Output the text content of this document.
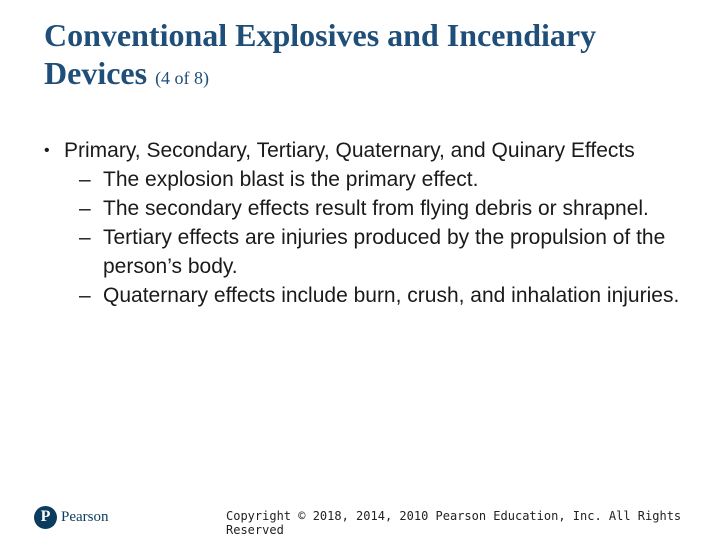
Conventional Explosives and Incendiary Devices (4 of 8)

• Primary, Secondary, Tertiary, Quaternary, and Quinary Effects

– The explosion blast is the primary effect.

– The secondary effects result from flying debris or shrapnel.

– Tertiary effects are injuries produced by the propulsion of the person’s body.

– Quaternary effects include burn, crush, and inhalation injuries.

P Pearson	Copyright © 2018, 2014, 2010 Pearson Education, Inc. All Rights Reserved
